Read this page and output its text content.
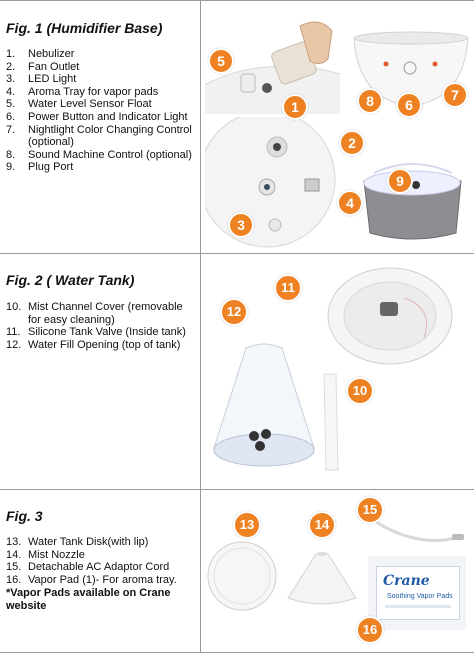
Fig. 1 (Humidifier Base)
1.	Nebulizer
2.	Fan Outlet
3.	LED Light
4.	Aroma Tray for vapor pads
5.	Water Level Sensor Float
6.	Power Button and Indicator Light
7.	Nightlight Color Changing Control (optional)
8.	Sound Machine Control (optional)
9.	Plug Port
1
2
3
4
5
6
7
8
9
Fig. 2 ( Water Tank)
10. Mist Channel Cover (removable for easy cleaning)
11. Silicone Tank Valve (Inside tank)
12. Water Fill Opening (top of tank)
10
11
12
Fig. 3
13. Water Tank Disk(with lip)
14. Mist Nozzle
15. Detachable AC Adaptor Cord
16. Vapor Pad (1)- For aroma tray.
*Vapor Pads available on Crane website
Crane
Soothing Vapor Pads
13	14
15
16
